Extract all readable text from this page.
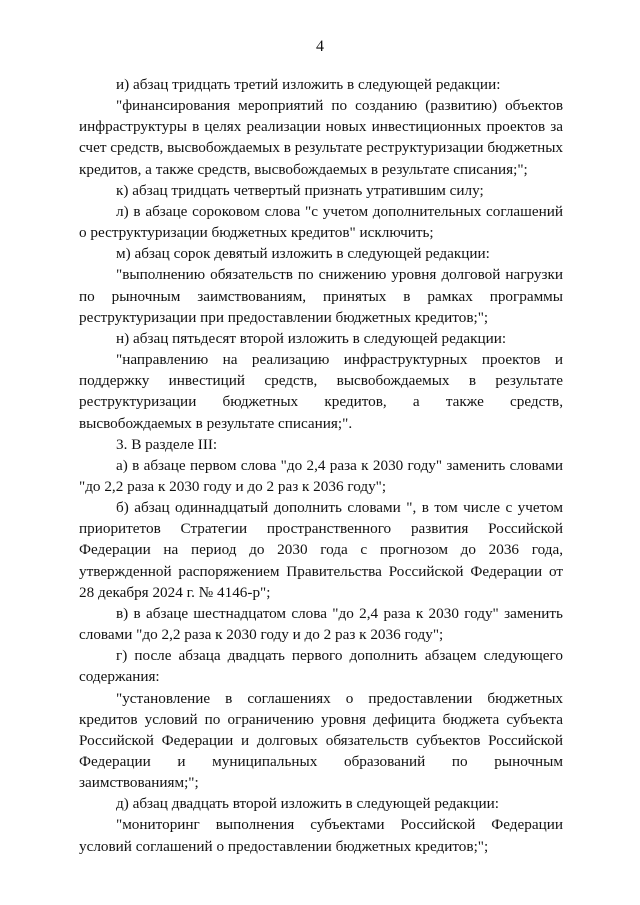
4

и) абзац тридцать третий изложить в следующей редакции:

"финансирования мероприятий по созданию (развитию) объектов инфраструктуры в целях реализации новых инвестиционных проектов за счет средств, высвобождаемых в результате реструктуризации бюджетных кредитов, а также средств, высвобождаемых в результате списания;";

к) абзац тридцать четвертый признать утратившим силу;

л) в абзаце сороковом слова "с учетом дополнительных соглашений о реструктуризации бюджетных кредитов" исключить;

м) абзац сорок девятый изложить в следующей редакции:

"выполнению обязательств по снижению уровня долговой нагрузки по рыночным заимствованиям, принятых в рамках программы реструктуризации при предоставлении бюджетных кредитов;";

н) абзац пятьдесят второй изложить в следующей редакции:

"направлению на реализацию инфраструктурных проектов и поддержку инвестиций средств, высвобождаемых в результате реструктуризации бюджетных кредитов, а также средств, высвобождаемых в результате списания;".

3. В разделе III:

а) в абзаце первом слова "до 2,4 раза к 2030 году" заменить словами "до 2,2 раза к 2030 году и до 2 раз к 2036 году";

б) абзац одиннадцатый дополнить словами ", в том числе с учетом приоритетов Стратегии пространственного развития Российской Федерации на период до 2030 года с прогнозом до 2036 года, утвержденной распоряжением Правительства Российской Федерации от 28 декабря 2024 г. № 4146-р";

в) в абзаце шестнадцатом слова "до 2,4 раза к 2030 году" заменить словами "до 2,2 раза к 2030 году и до 2 раз к 2036 году";

г) после абзаца двадцать первого дополнить абзацем следующего содержания:

"установление в соглашениях о предоставлении бюджетных кредитов условий по ограничению уровня дефицита бюджета субъекта Российской Федерации и долговых обязательств субъектов Российской Федерации и муниципальных образований по рыночным заимствованиям;";

д) абзац двадцать второй изложить в следующей редакции:

"мониторинг выполнения субъектами Российской Федерации условий соглашений о предоставлении бюджетных кредитов;";
